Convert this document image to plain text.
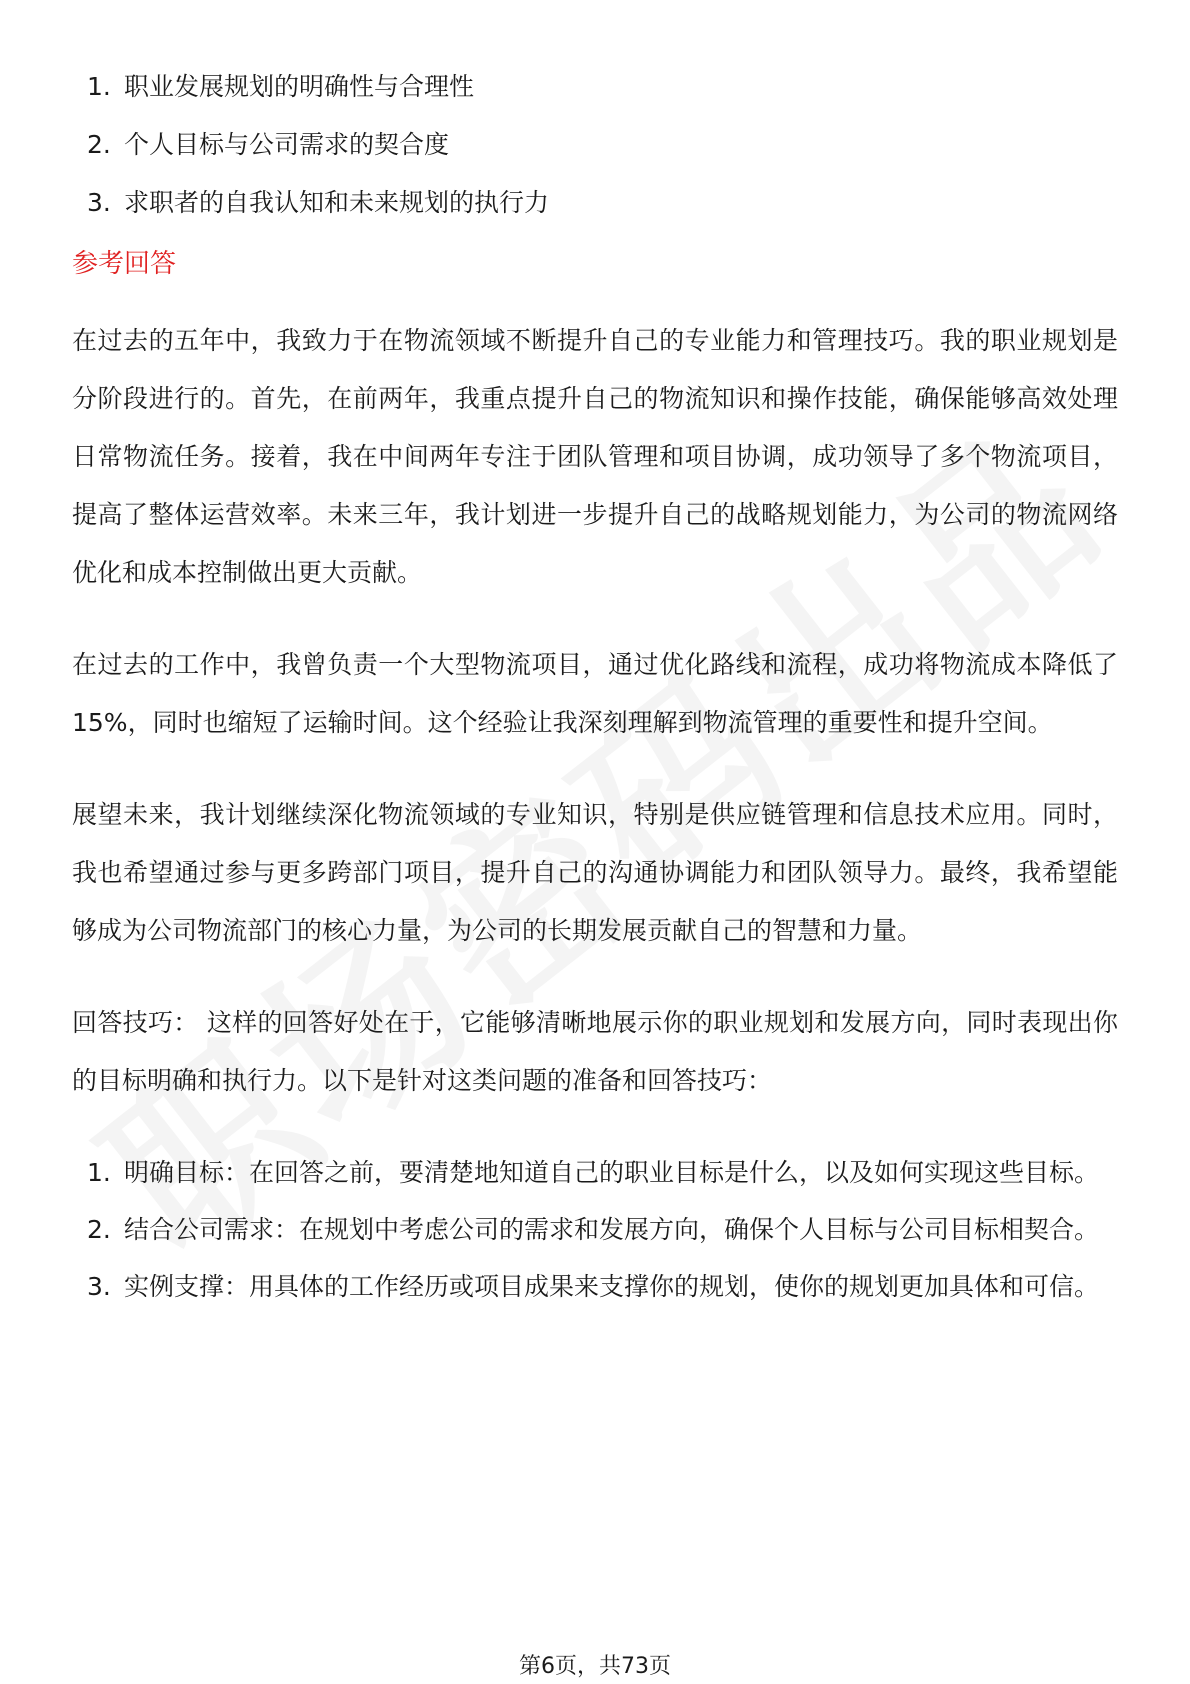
1. 职业发展规划的明确性与合理性
2. 个人目标与公司需求的契合度
3. 求职者的自我认知和未来规划的执行力
参考回答

在过去的五年中，我致力于在物流领域不断提升自己的专业能力和管理技巧。我的职业规划是分阶段进行的。首先，在前两年，我重点提升自己的物流知识和操作技能，确保能够高效处理日常物流任务。接着，我在中间两年专注于团队管理和项目协调，成功领导了多个物流项目，提高了整体运营效率。未来三年，我计划进一步提升自己的战略规划能力，为公司的物流网络优化和成本控制做出更大贡献。

在过去的工作中，我曾负责一个大型物流项目，通过优化路线和流程，成功将物流成本降低了15%，同时也缩短了运输时间。这个经验让我深刻理解到物流管理的重要性和提升空间。

展望未来，我计划继续深化物流领域的专业知识，特别是供应链管理和信息技术应用。同时，我也希望通过参与更多跨部门项目，提升自己的沟通协调能力和团队领导力。最终，我希望能够成为公司物流部门的核心力量，为公司的长期发展贡献自己的智慧和力量。

回答技巧： 这样的回答好处在于，它能够清晰地展示你的职业规划和发展方向，同时表现出你的目标明确和执行力。以下是针对这类问题的准备和回答技巧：

1. 明确目标：在回答之前，要清楚地知道自己的职业目标是什么，以及如何实现这些目标。
2. 结合公司需求：在规划中考虑公司的需求和发展方向，确保个人目标与公司目标相契合。
3. 实例支撑：用具体的工作经历或项目成果来支撑你的规划，使你的规划更加具体和可信。
第6页，共73页
